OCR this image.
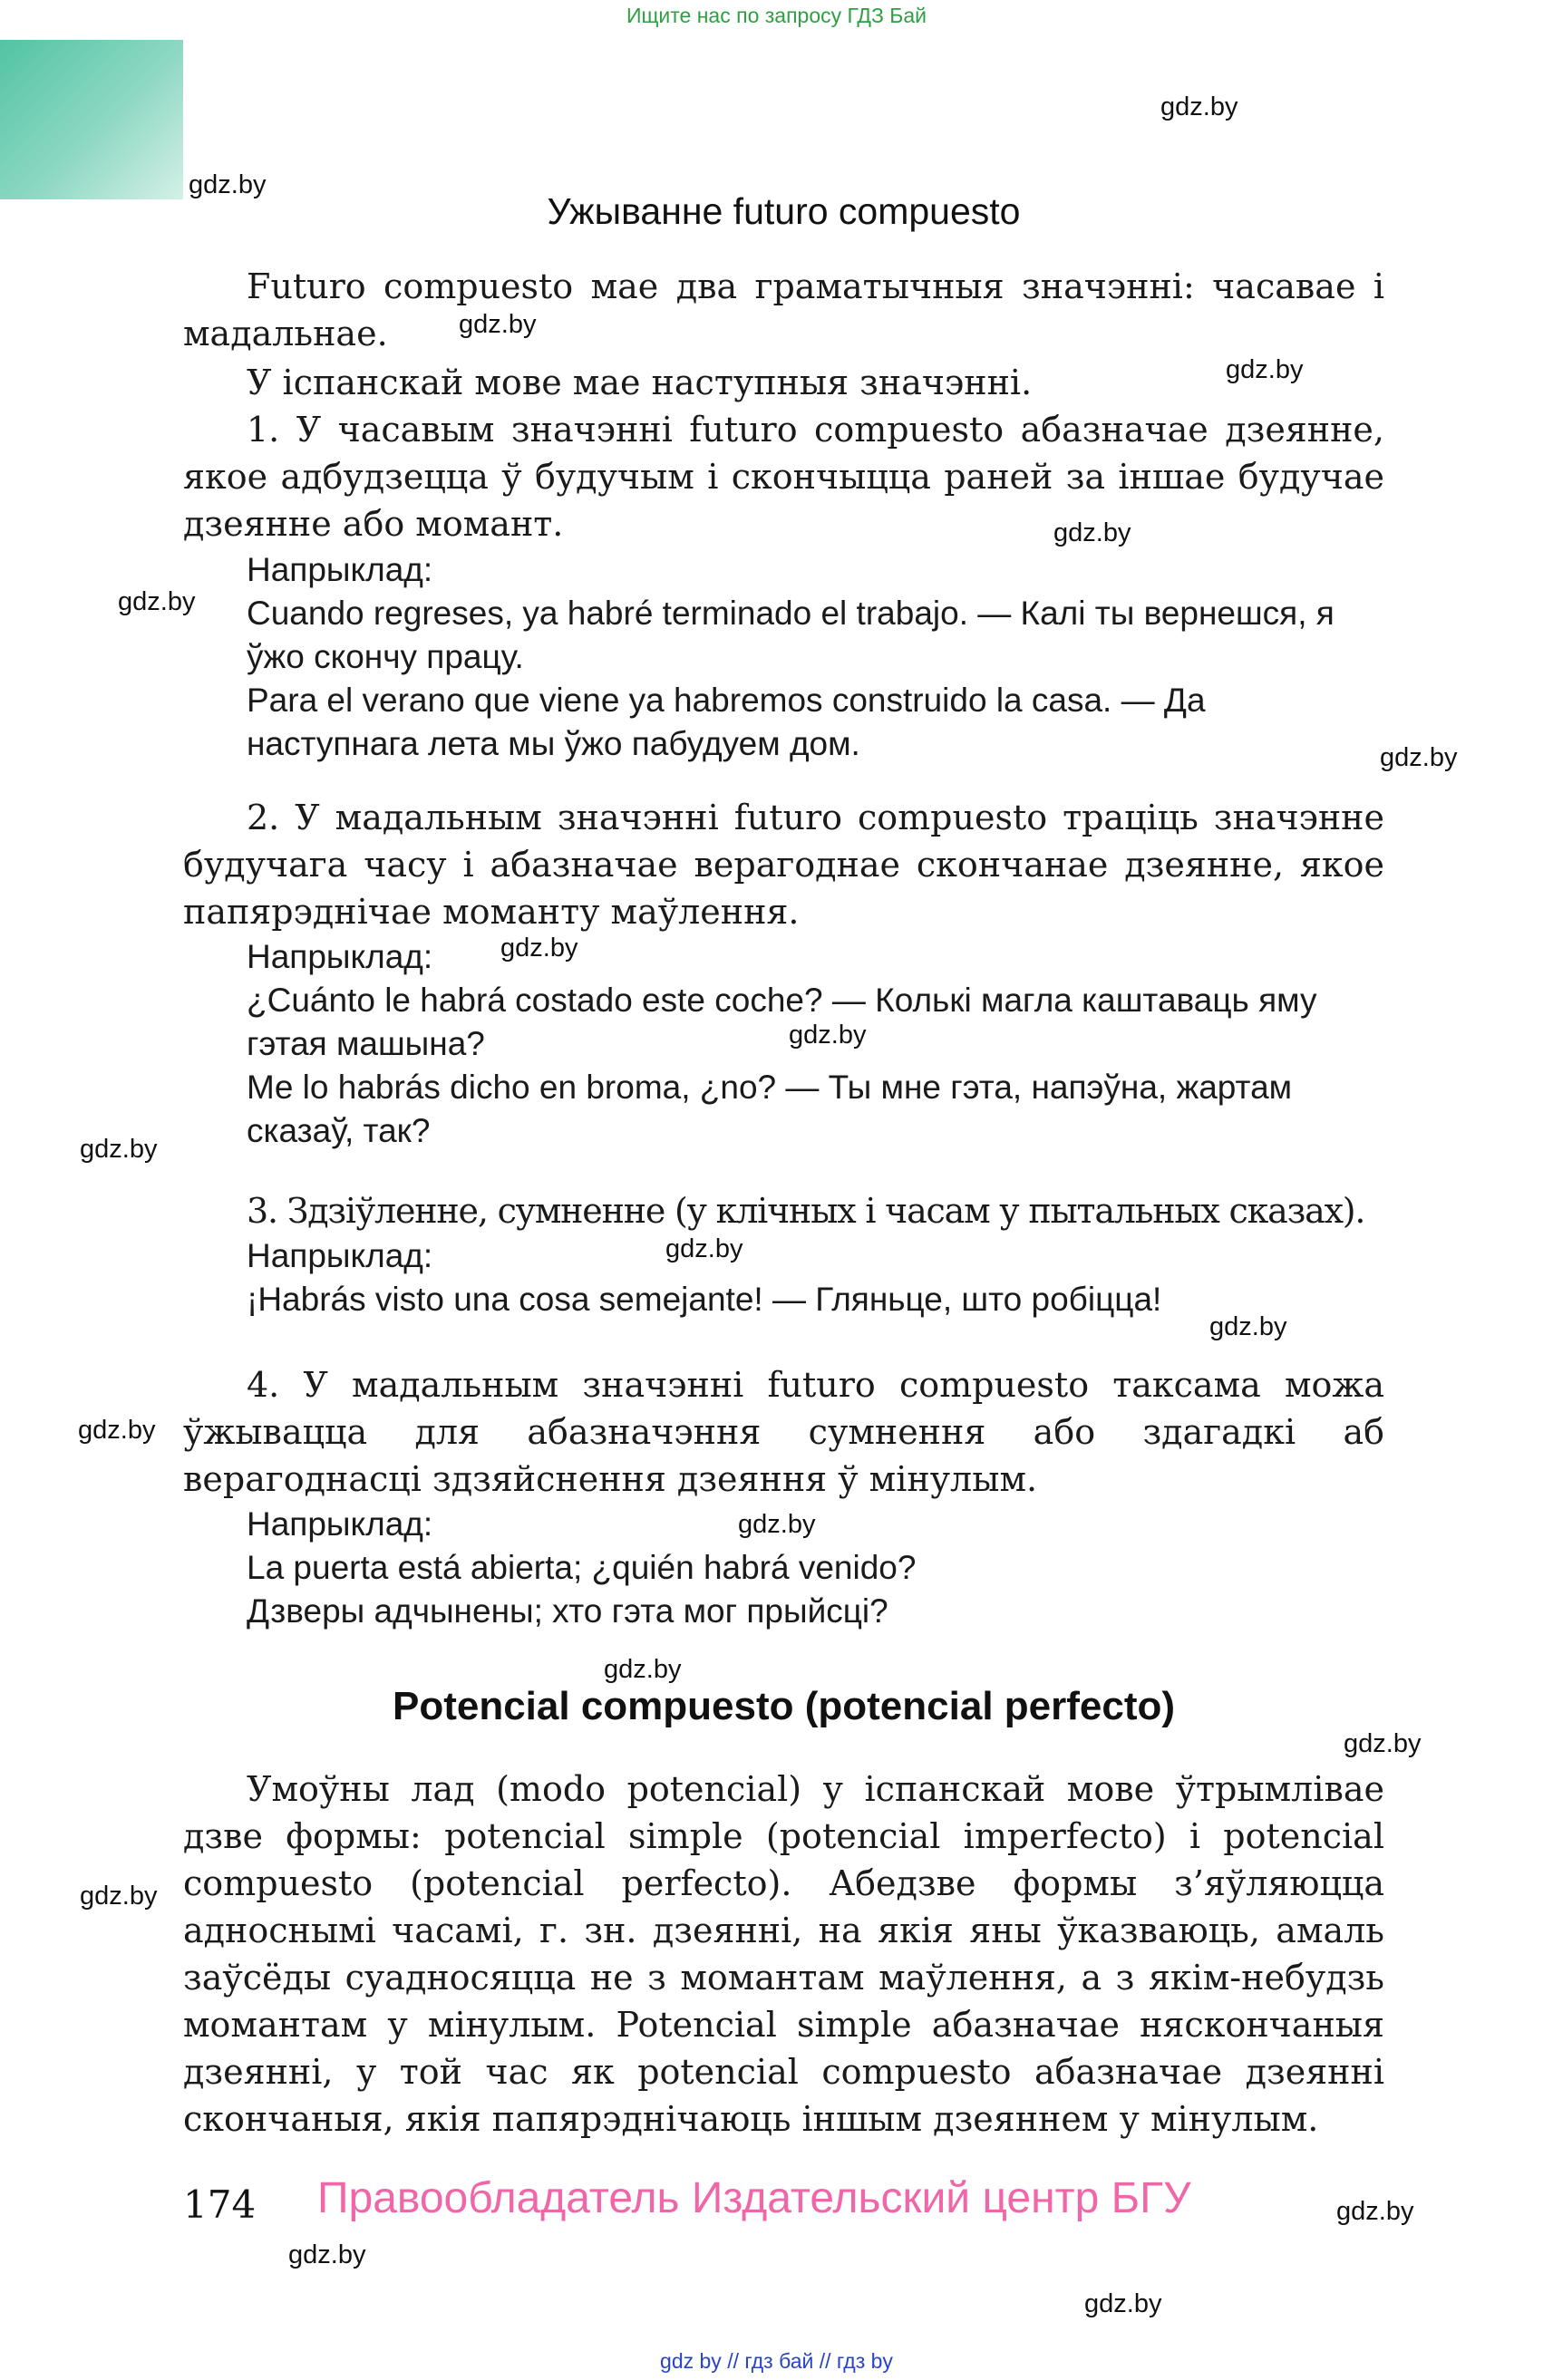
Ищите нас по запросу ГДЗ Бай
Ужыванне futuro compuesto

Futuro compuesto мае два граматычныя значэнні: часавае і мадальнае.

У іспанскай мове мае наступныя значэнні.

1. У часавым значэнні futuro compuesto абазначае дзеянне, якое адбудзецца ў будучым і скончыцца раней за іншае будучае дзеянне або момант.

Напрыклад:

Cuando regreses, ya habré terminado el trabajo. — Калі ты вернешся, я ўжо скончу працу.

Para el verano que viene ya habremos construido la casa. — Да наступнага лета мы ўжо пабудуем дом.

2. У мадальным значэнні futuro compuesto траціць значэнне будучага часу і абазначае верагоднае скончанае дзеянне, якое папярэднічае моманту маўлення.

Напрыклад:

¿Cuánto le habrá costado este coche? — Колькі магла каштаваць яму гэтая машына?

Me lo habrás dicho en broma, ¿no? — Ты мне гэта, напэўна, жартам сказаў, так?

3. Здзіўленне, сумненне (у клічных і часам у пытальных сказах).

Напрыклад:

¡Habrás visto una cosa semejante! — Гляньце, што робіцца!

4. У мадальным значэнні futuro compuesto таксама можа ўжывацца для абазначэння сумнення або здагадкі аб верагоднасці здзяйснення дзеяння ў мінулым.

Напрыклад:

La puerta está abierta; ¿quién habrá venido?

Дзверы адчынены; хто гэта мог прыйсці?

Potencial compuesto (potencial perfecto)

Умоўны лад (modo potencial) у іспанскай мове ўтрымлівае дзве формы: potencial simple (potencial imperfecto) і potencial compuesto (potencial perfecto). Абедзве формы з’яўляюцца адноснымі часамі, г. зн. дзеянні, на якія яны ўказваюць, амаль заўсёды суадносяцца не з момантам маўлення, а з якім-небудзь момантам у мінулым. Potencial simple абазначае няскончаныя дзеянні, у той час як potencial compuesto абазначае дзеянні скончаныя, якія папярэднічаюць іншым дзеяннем у мінулым.

174 Правообладатель Издательский центр БГУ
gdz.by
gdz.by
gdz.by
gdz.by
gdz.by
gdz.by
gdz.by
gdz.by
gdz.by
gdz.by
gdz.by
gdz.by
gdz.by
gdz.by
gdz.by
gdz.by
gdz.by
gdz.by
gdz.by
gdz.by
gdz by // гдз бай // гдз by
